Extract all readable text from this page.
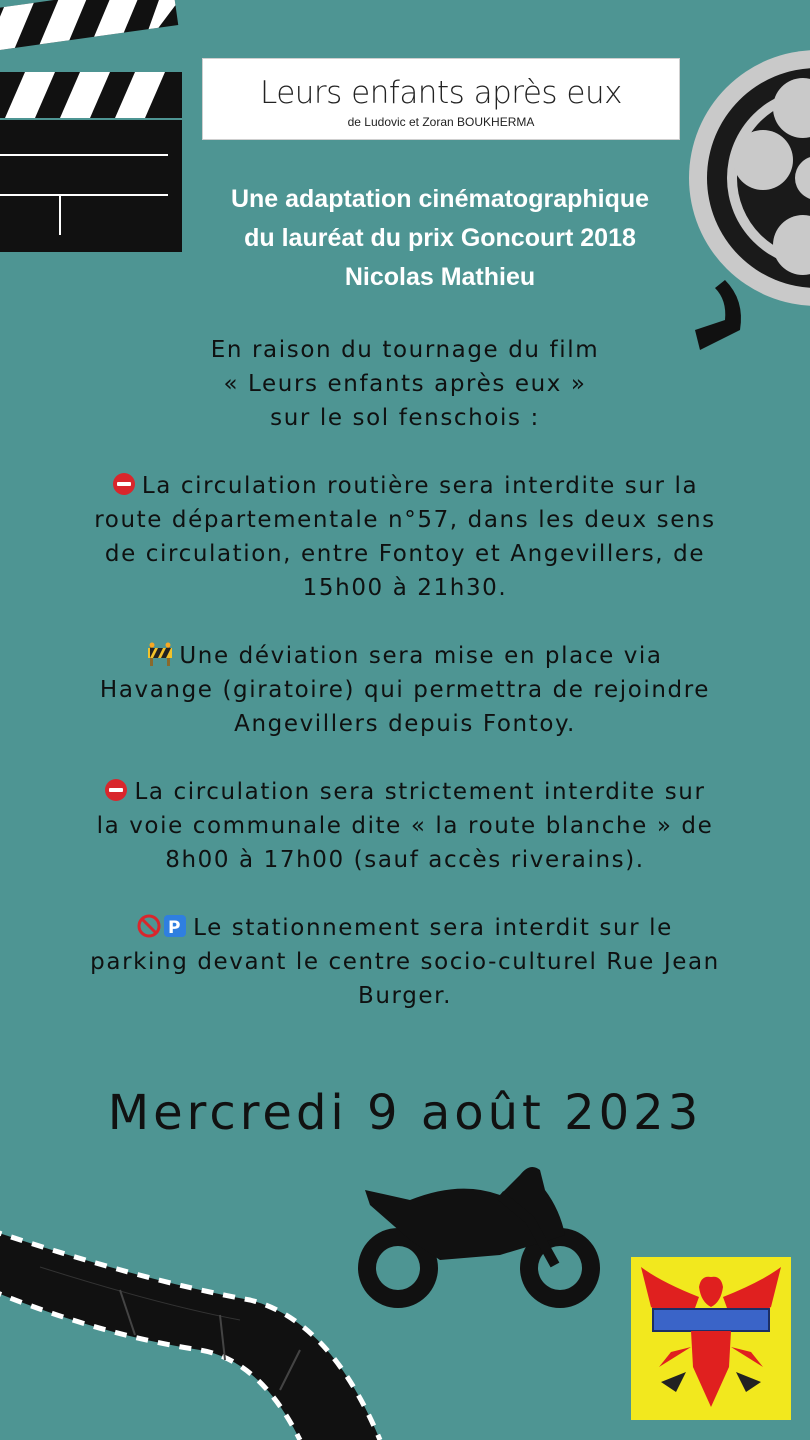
Leurs enfants après eux
de Ludovic et Zoran BOUKHERMA
Une adaptation cinématographique
du lauréat du prix Goncourt 2018
Nicolas Mathieu

En raison du tournage du film
« Leurs enfants après eux »
sur le sol fenschois :

La circulation routière sera interdite sur la
route départementale n°57, dans les deux sens
de circulation, entre Fontoy et Angevillers, de
15h00 à 21h30.

Une déviation sera mise en place via
Havange (giratoire) qui permettra de rejoindre
Angevillers depuis Fontoy.

La circulation sera strictement interdite sur
la voie communale dite « la route blanche » de
8h00 à 17h00 (sauf accès riverains).

P Le stationnement sera interdit sur le
parking devant le centre socio-culturel Rue Jean
Burger.

Mercredi 9 août 2023
